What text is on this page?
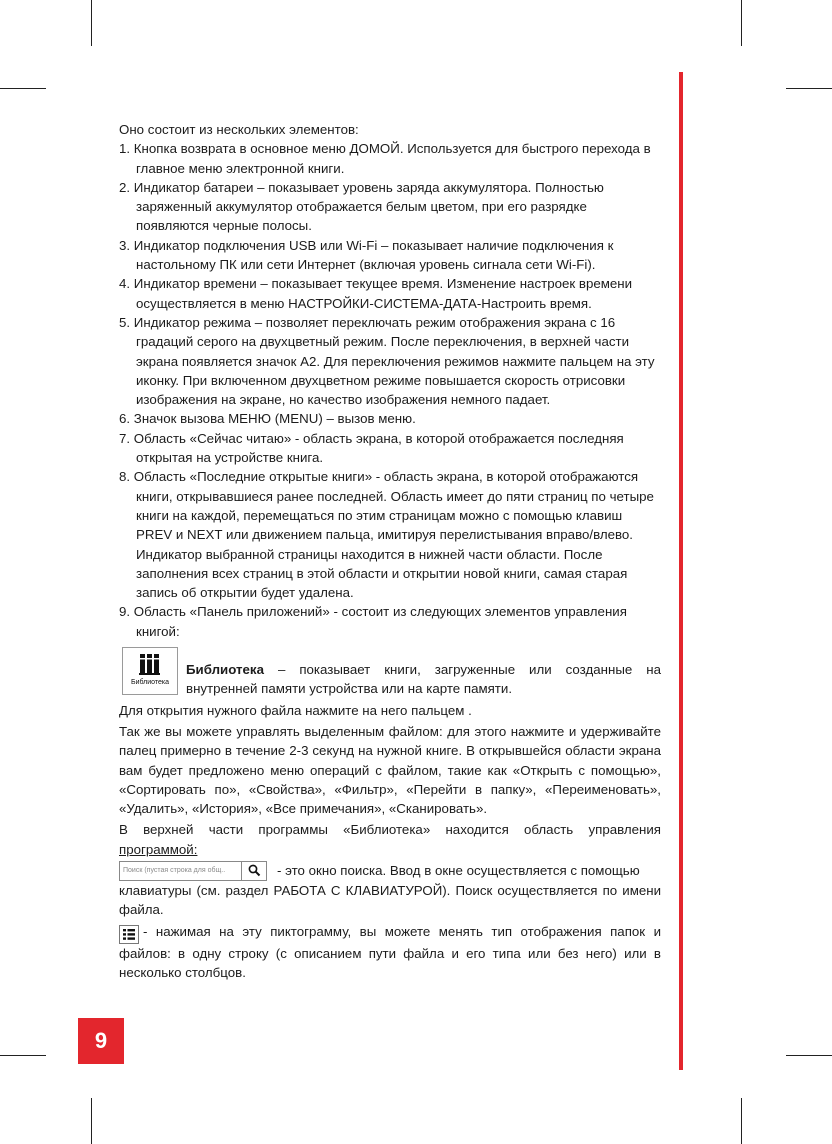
9

Оно состоит из нескольких элементов:

1. Кнопка возврата в основное меню ДОМОЙ. Используется для быстрого перехода в главное меню электронной книги.

2. Индикатор батареи – показывает уровень заряда аккумулятора. Полностью заряженный аккумулятор отображается белым цветом, при его разрядке появляются черные полосы.

3. Индикатор подключения USB или Wi-Fi – показывает наличие подключения к настольному ПК или сети Интернет (включая уровень сигнала сети Wi-Fi).

4. Индикатор времени – показывает текущее время. Изменение настроек времени осуществляется в меню НАСТРОЙКИ-СИСТЕМА-ДАТА-Настроить время.

5. Индикатор режима – позволяет переключать режим отображения экрана с 16 градаций серого на двухцветный режим. После переключения, в верхней части экрана появляется значок А2. Для переключения режимов нажмите пальцем на эту иконку. При включенном двухцветном режиме повышается скорость отрисовки изображения на экране, но качество изображения немного падает.

6. Значок вызова МЕНЮ (MENU) – вызов меню.

7. Область «Сейчас читаю» - область экрана, в которой отображается последняя открытая на устройстве книга.

8. Область «Последние открытые книги» - область экрана, в которой отображаются книги, открывавшиеся ранее последней. Область имеет до пяти страниц по четыре книги на каждой, перемещаться по этим страницам можно с помощью клавиш PREV и NEXT или движением пальца, имитируя перелистывания вправо/влево. Индикатор выбранной страницы находится в нижней части области. После заполнения всех страниц в этой области и открытии новой книги, самая старая запись об открытии будет удалена.

9. Область «Панель приложений» - состоит из следующих элементов управления книгой:

Библиотека
Библиотека – показывает книги, загруженные или созданные на внутренней памяти устройства или на карте памяти.

Для открытия нужного файла нажмите на него пальцем .

Так же вы можете управлять выделенным файлом: для этого нажмите и удерживайте палец примерно в течение 2-3 секунд на нужной книге. В открывшейся области экрана вам будет предложено меню операций с файлом, такие как «Открыть с помощью», «Сортировать по», «Свойства», «Фильтр», «Перейти в папку», «Переименовать», «Удалить», «История», «Все примечания», «Сканировать».

В верхней части программы «Библиотека» находится область управления

программой:

Поиск (пустая строка для общ..	- это окно поиска. Ввод в окне осуществляется с помощью

клавиатуры (см. раздел РАБОТА С КЛАВИАТУРОЙ). Поиск осуществляется по имени файла.

- нажимая на эту пиктограмму, вы можете менять тип отображения папок и файлов: в одну строку (с описанием пути файла и его типа или без него) или в несколько столбцов.
